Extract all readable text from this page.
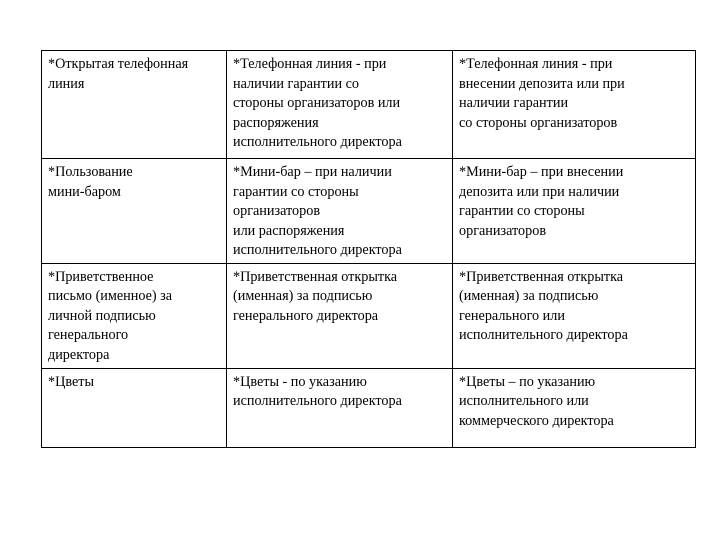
*Открытая телефонная
линия	*Телефонная линия - при
наличии гарантии со
стороны организаторов или
распоряжения
исполнительного директора	*Телефонная линия - при
внесении депозита или при
наличии гарантии
со стороны организаторов

*Пользование
мини-баром	*Мини-бар – при наличии
гарантии со стороны
организаторов
или распоряжения
исполнительного директора	*Мини-бар – при внесении
депозита или при наличии
гарантии со стороны
организаторов

*Приветственное
письмо (именное) за
личной подписью
генерального
директора	*Приветственная открытка
(именная) за подписью
генерального директора	*Приветственная открытка
(именная) за подписью
генерального или
исполнительного директора

*Цветы	*Цветы - по указанию
исполнительного директора	*Цветы – по указанию
исполнительного или
коммерческого директора
